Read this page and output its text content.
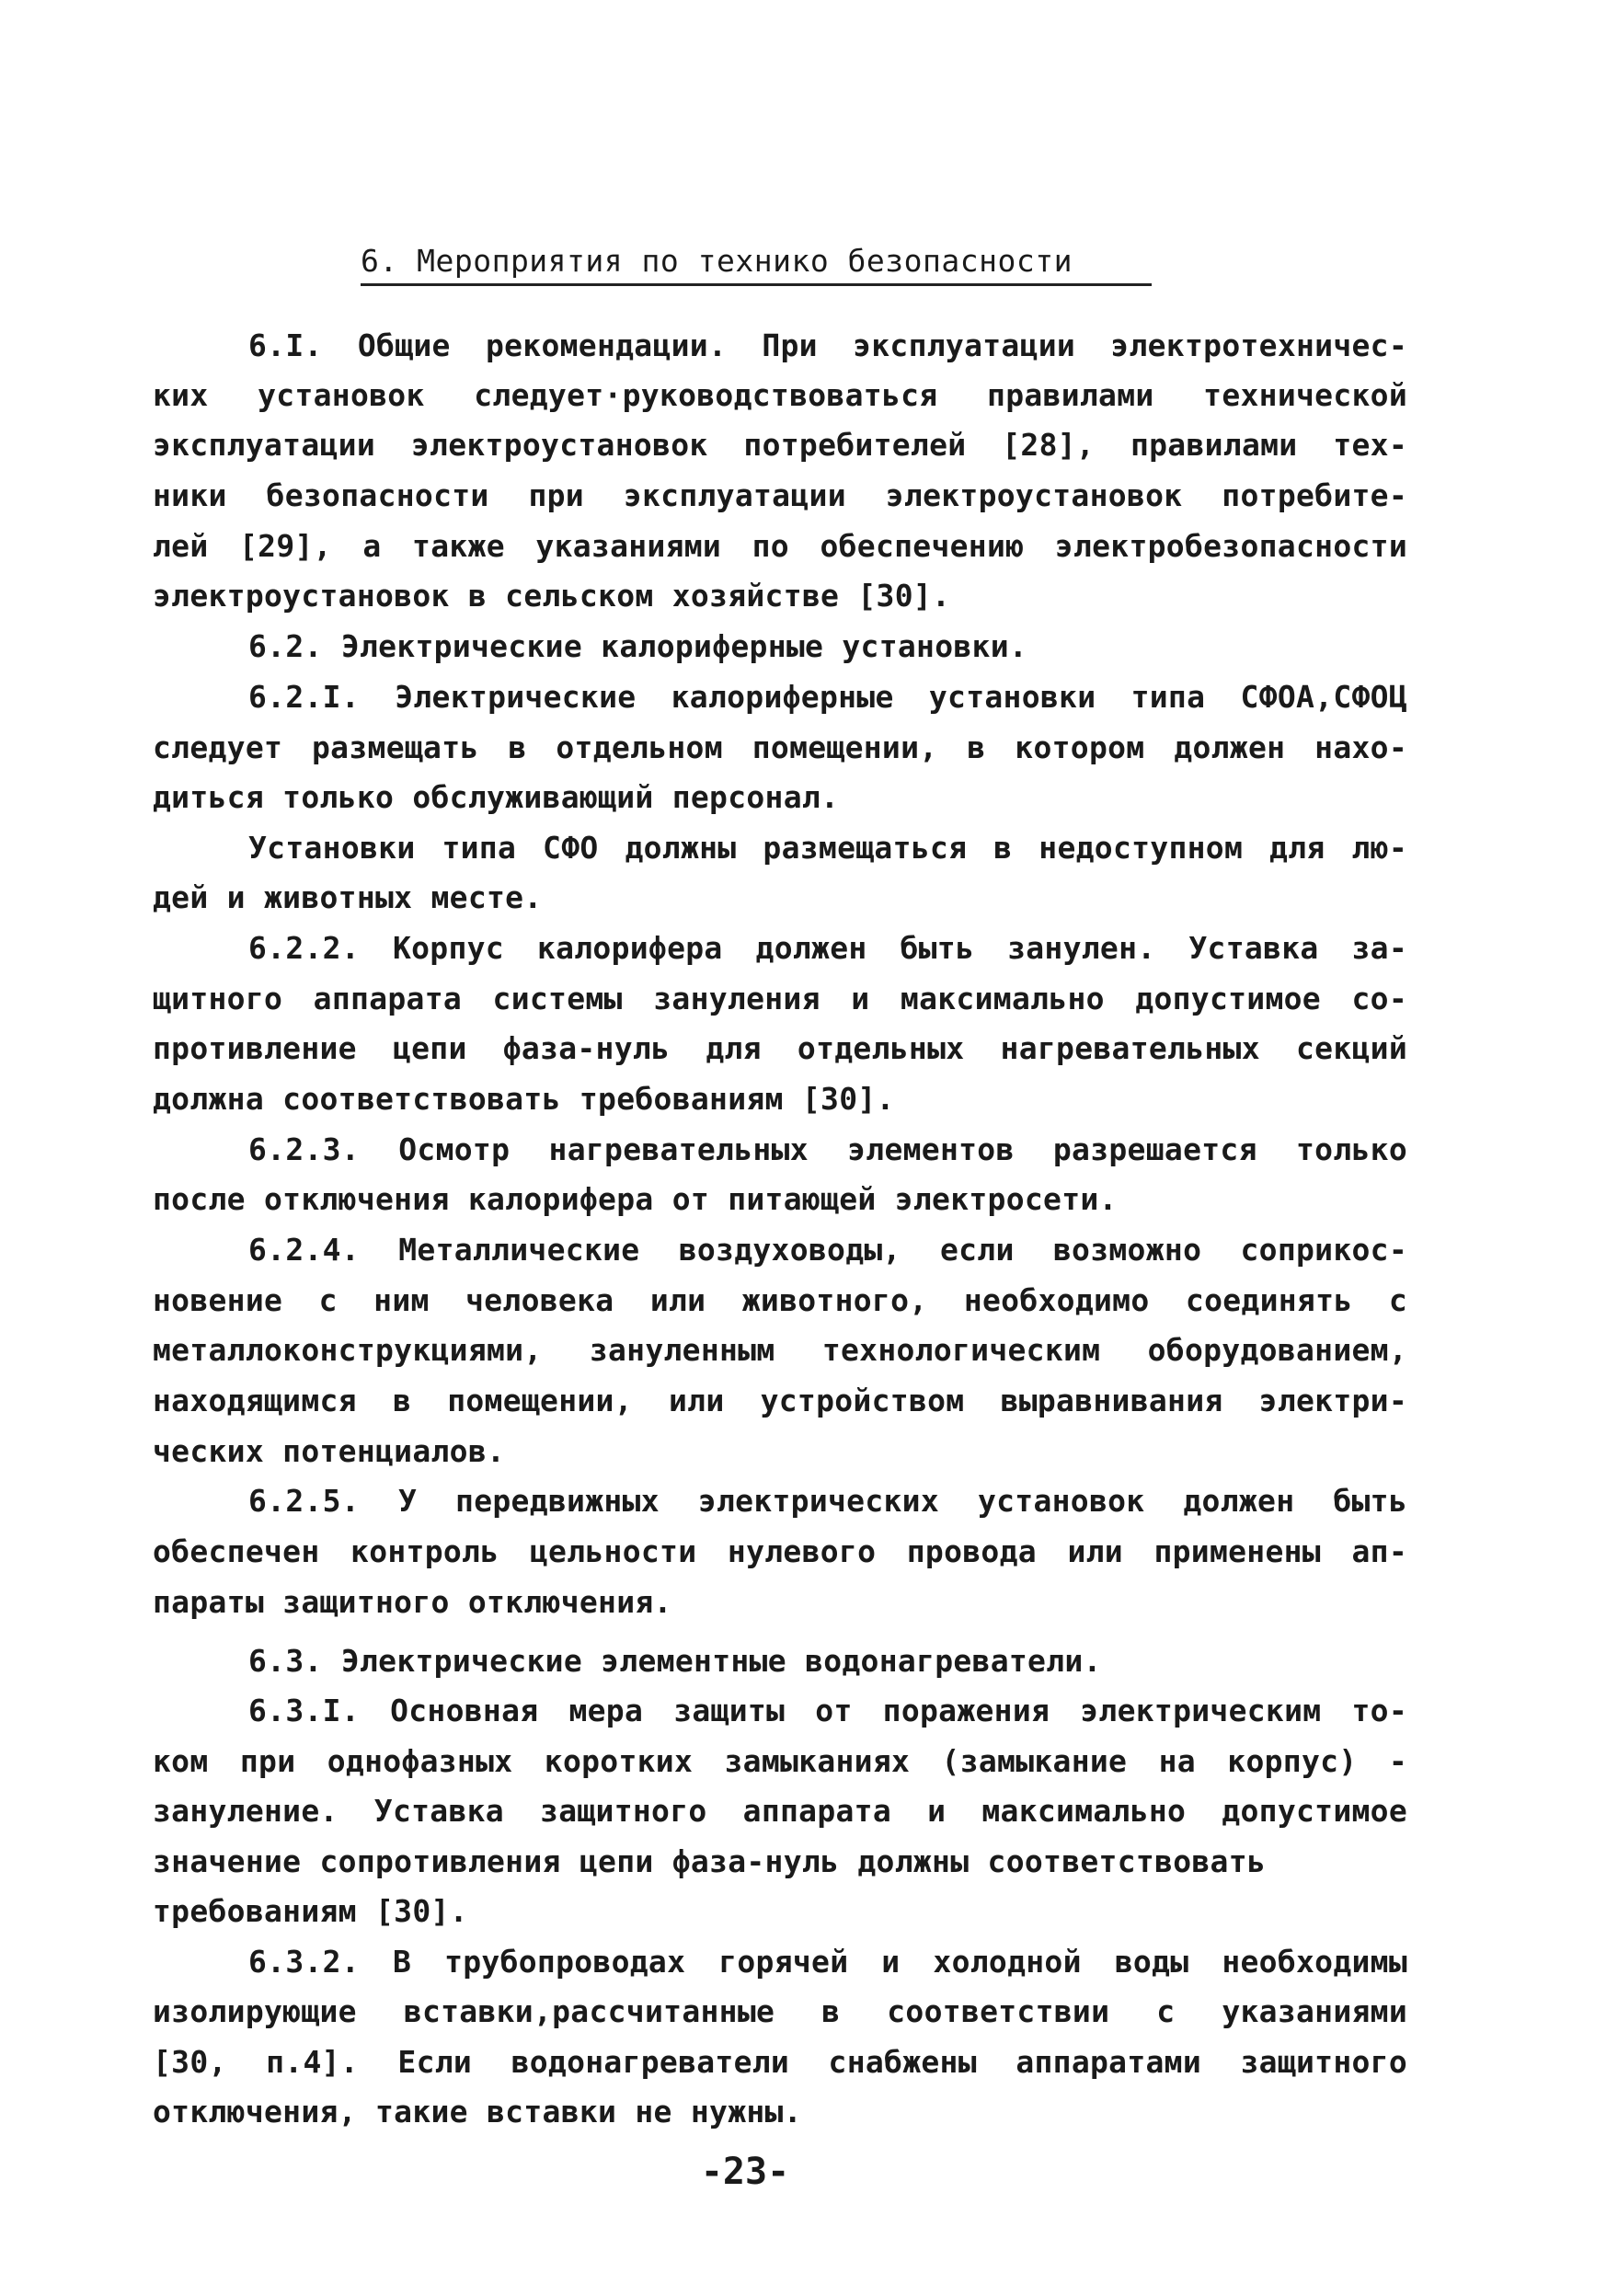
6. Мероприятия по технико безопасности
6.I. Общие рекомендации. При эксплуатации электротехничес-
ких установок следует·руководствоваться правилами технической
эксплуатации электроустановок потребителей [28], правилами тех-
ники безопасности при эксплуатации электроустановок потребите-
лей [29], а также указаниями по обеспечению электробезопасности
электроустановок в сельском хозяйстве [30].
6.2. Электрические калориферные установки.
6.2.I. Электрические калориферные установки типа СФОА,СФОЦ
следует размещать в отдельном помещении, в котором должен нахо-
диться только обслуживающий персонал.
Установки типа СФО должны размещаться в недоступном для лю-
дей и животных месте.
6.2.2. Корпус калорифера должен быть занулен. Уставка за-
щитного аппарата системы зануления и максимально допустимое со-
противление цепи фаза-нуль для отдельных нагревательных секций
должна соответствовать требованиям [30].
6.2.3. Осмотр нагревательных элементов разрешается только
после отключения калорифера от питающей электросети.
6.2.4. Металлические воздуховоды, если возможно соприкос-
новение с ним человека или животного, необходимо соединять с
металлоконструкциями, зануленным технологическим оборудованием,
находящимся в помещении, или устройством выравнивания электри-
ческих потенциалов.
6.2.5. У передвижных электрических установок должен быть
обеспечен контроль цельности нулевого провода или применены ап-
параты защитного отключения.
6.3. Электрические элементные водонагреватели.
6.3.I. Основная мера защиты от поражения электрическим то-
ком при однофазных коротких замыканиях (замыкание на корпус) -
зануление. Уставка защитного аппарата и максимально допустимое
значение сопротивления цепи фаза-нуль должны соответствовать
требованиям [30].
6.3.2. В трубопроводах горячей и холодной воды необходимы
изолирующие вставки,рассчитанные в соответствии с указаниями
[30, п.4]. Если водонагреватели снабжены аппаратами защитного
отключения, такие вставки не нужны.
-23-
